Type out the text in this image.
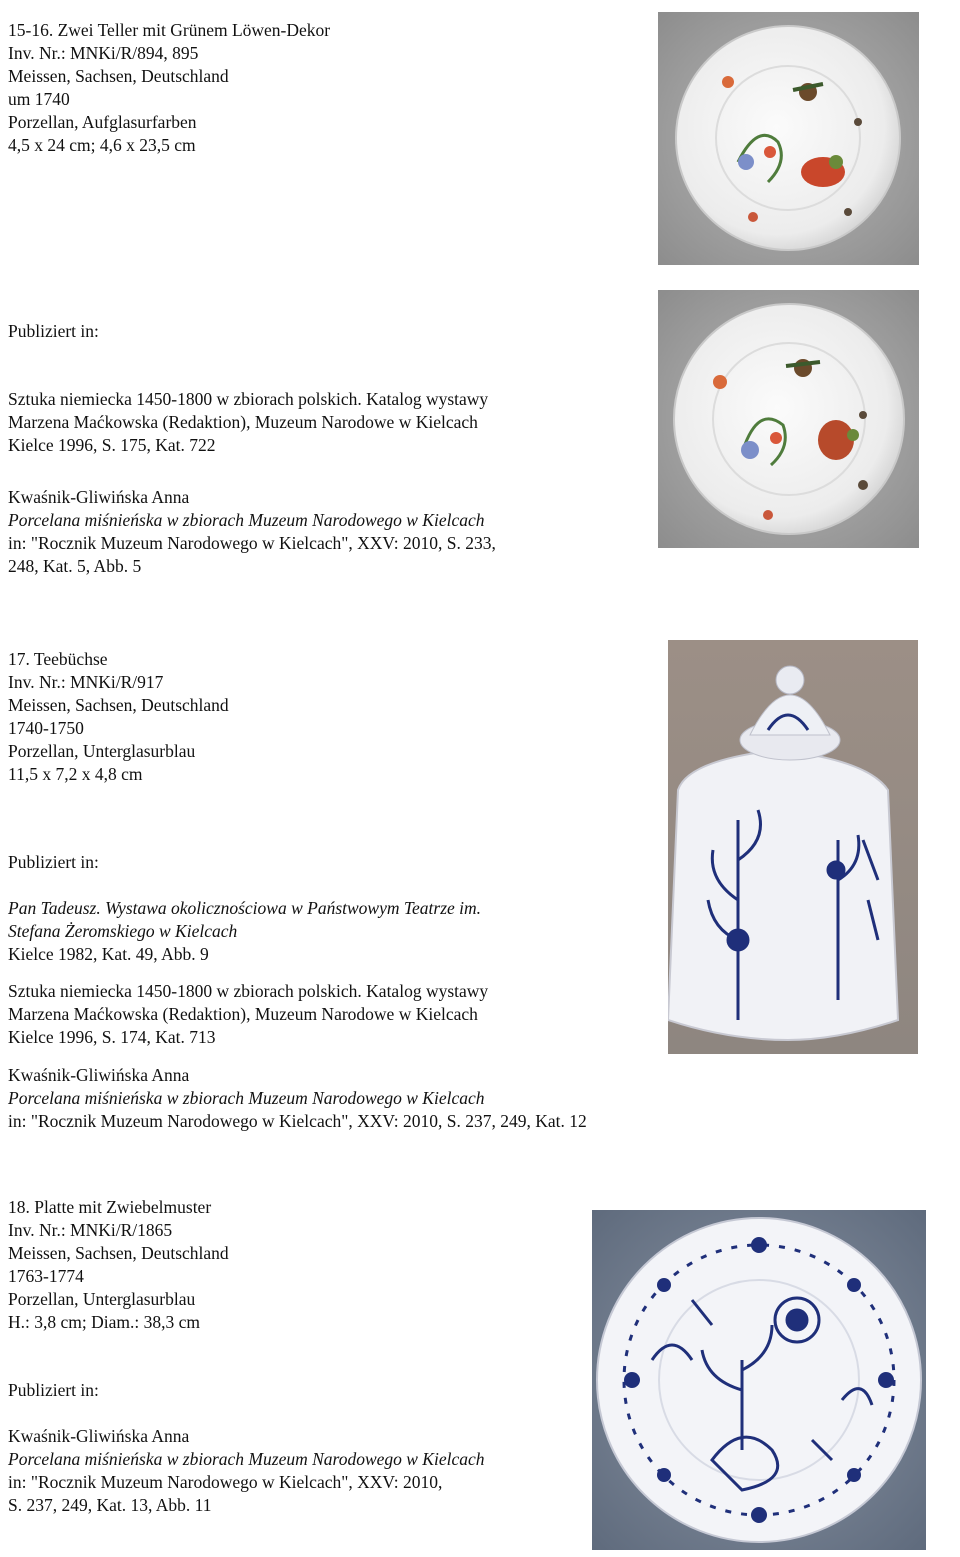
15-16. Zwei Teller mit Grünem Löwen-Dekor
Inv. Nr.: MNKi/R/894, 895
Meissen, Sachsen, Deutschland
um 1740
Porzellan, Aufglasurfarben
4,5 x 24 cm; 4,6 x 23,5 cm
Publiziert in:
Sztuka niemiecka 1450-1800 w zbiorach polskich. Katalog wystawy
Marzena Maćkowska (Redaktion), Muzeum Narodowe w Kielcach
Kielce 1996, S. 175, Kat. 722
Kwaśnik-Gliwińska Anna
Porcelana miśnieńska w zbiorach Muzeum Narodowego w Kielcach
in: "Rocznik Muzeum Narodowego w Kielcach", XXV: 2010, S. 233,
248, Kat. 5, Abb. 5
17. Teebüchse
Inv. Nr.: MNKi/R/917
Meissen, Sachsen, Deutschland
1740-1750
Porzellan, Unterglasurblau
11,5 x 7,2 x 4,8 cm
Publiziert in:
Pan Tadeusz. Wystawa okolicznościowa w Państwowym Teatrze im.
Stefana Żeromskiego w Kielcach
Kielce 1982, Kat. 49, Abb. 9
Sztuka niemiecka 1450-1800 w zbiorach polskich. Katalog wystawy
Marzena Maćkowska (Redaktion), Muzeum Narodowe w Kielcach
Kielce 1996, S. 174, Kat. 713
Kwaśnik-Gliwińska Anna
Porcelana miśnieńska w zbiorach Muzeum Narodowego w Kielcach
in: "Rocznik Muzeum Narodowego w Kielcach", XXV: 2010, S. 237, 249, Kat. 12
18. Platte mit Zwiebelmuster
Inv. Nr.: MNKi/R/1865
Meissen, Sachsen, Deutschland
1763-1774
Porzellan, Unterglasurblau
H.: 3,8 cm; Diam.: 38,3 cm
Publiziert in:
Kwaśnik-Gliwińska Anna
Porcelana miśnieńska w zbiorach Muzeum Narodowego w Kielcach
in: "Rocznik Muzeum Narodowego w Kielcach", XXV: 2010,
S. 237, 249, Kat. 13, Abb. 11
